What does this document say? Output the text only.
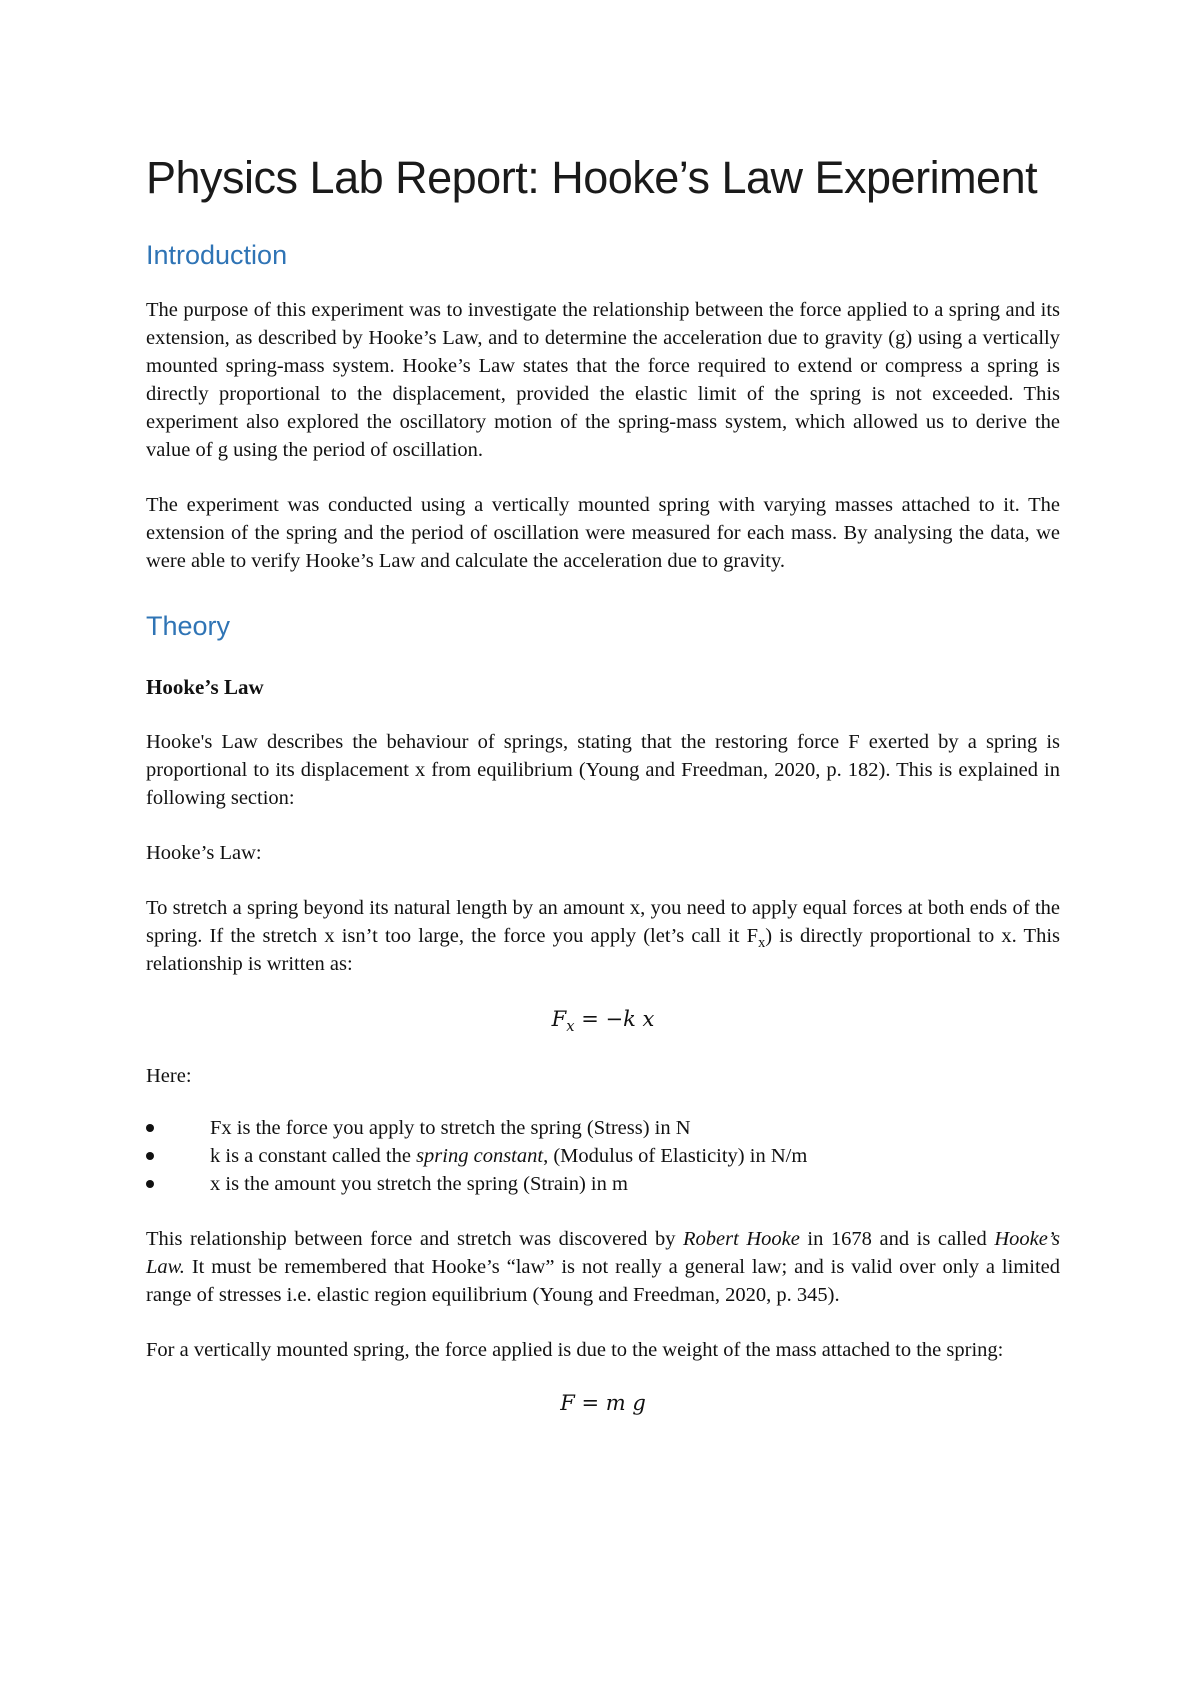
Physics Lab Report: Hooke’s Law Experiment
Introduction

The purpose of this experiment was to investigate the relationship between the force applied to a spring and its extension, as described by Hooke’s Law, and to determine the acceleration due to gravity (g) using a vertically mounted spring-mass system. Hooke’s Law states that the force required to extend or compress a spring is directly proportional to the displacement, provided the elastic limit of the spring is not exceeded. This experiment also explored the oscillatory motion of the spring-mass system, which allowed us to derive the value of g using the period of oscillation.

The experiment was conducted using a vertically mounted spring with varying masses attached to it. The extension of the spring and the period of oscillation were measured for each mass. By analysing the data, we were able to verify Hooke’s Law and calculate the acceleration due to gravity.

Theory
Hooke’s Law

Hooke's Law describes the behaviour of springs, stating that the restoring force F exerted by a spring is proportional to its displacement x from equilibrium (Young and Freedman, 2020, p. 182). This is explained in following section:

Hooke’s Law:

To stretch a spring beyond its natural length by an amount x, you need to apply equal forces at both ends of the spring. If the stretch x isn’t too large, the force you apply (let’s call it $F_x$) is directly proportional to x. This relationship is written as:

$F_x = -k$ x

Here:

Fx is the force you apply to stretch the spring (Stress) in N
k is a constant called the spring constant, (Modulus of Elasticity) in N/m
x is the amount you stretch the spring (Strain) in m

This relationship between force and stretch was discovered by Robert Hooke in 1678 and is called Hooke’s Law. It must be remembered that Hooke’s “law” is not really a general law; and is valid over only a limited range of stresses i.e. elastic region equilibrium (Young and Freedman, 2020, p. 345).

For a vertically mounted spring, the force applied is due to the weight of the mass attached to the spring:

F = m g
